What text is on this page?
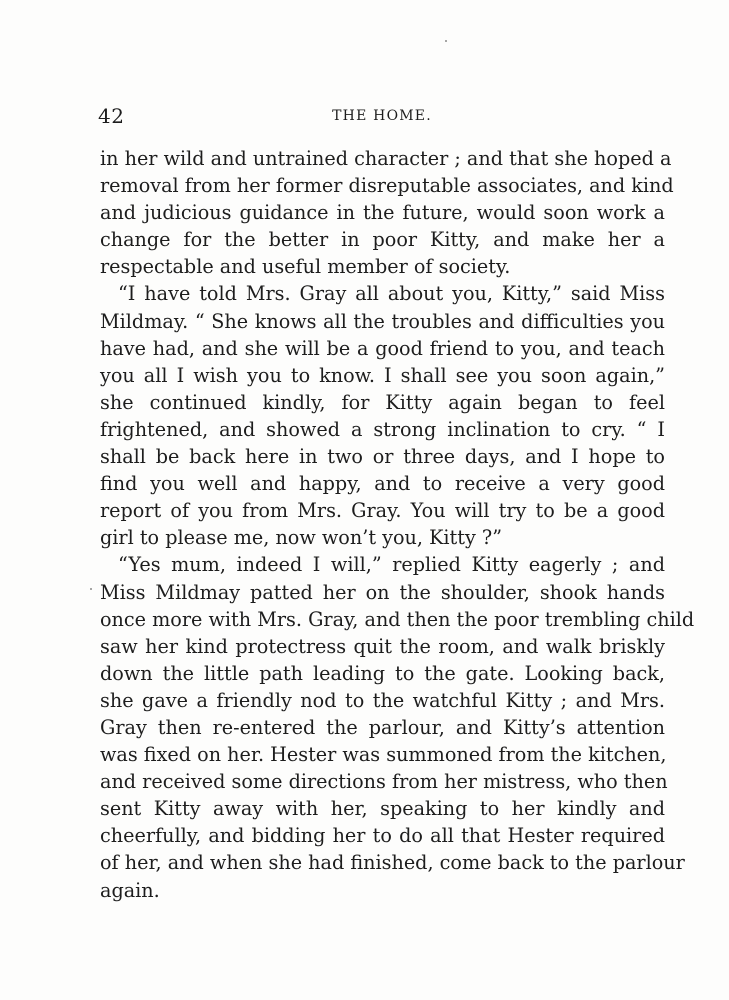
42	THE HOME.
in her wild and untrained character ; and that she hoped a
removal from her former disreputable associates, and kind
and judicious guidance in the future, would soon work a
change for the better in poor Kitty, and make her a
respectable and useful member of society.
“I have told Mrs. Gray all about you, Kitty,” said Miss
Mildmay. “ She knows all the troubles and difficulties you
have had, and she will be a good friend to you, and teach
you all I wish you to know. I shall see you soon again,”
she continued kindly, for Kitty again began to feel
frightened, and showed a strong inclination to cry. “ I
shall be back here in two or three days, and I hope to
find you well and happy, and to receive a very good
report of you from Mrs. Gray. You will try to be a good
girl to please me, now won’t you, Kitty ?”
“Yes mum, indeed I will,” replied Kitty eagerly ; and
Miss Mildmay patted her on the shoulder, shook hands
once more with Mrs. Gray, and then the poor trembling child
saw her kind protectress quit the room, and walk briskly
down the little path leading to the gate. Looking back,
she gave a friendly nod to the watchful Kitty ; and Mrs.
Gray then re-entered the parlour, and Kitty’s attention
was fixed on her. Hester was summoned from the kitchen,
and received some directions from her mistress, who then
sent Kitty away with her, speaking to her kindly and
cheerfully, and bidding her to do all that Hester required
of her, and when she had finished, come back to the parlour
again.
